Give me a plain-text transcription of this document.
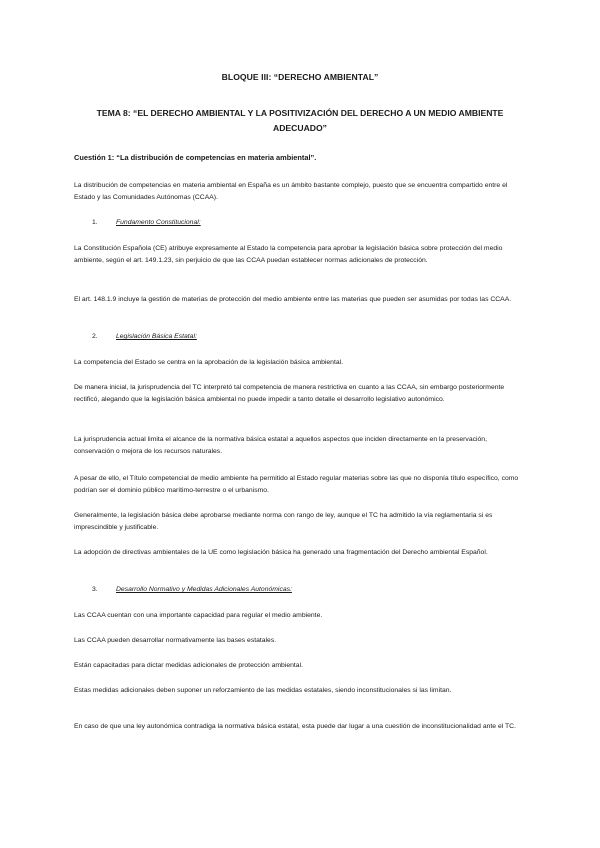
BLOQUE III: “DERECHO AMBIENTAL”
TEMA 8: “EL DERECHO AMBIENTAL Y LA POSITIVIZACIÓN DEL DERECHO A UN MEDIO AMBIENTE ADECUADO”

Cuestión 1: “La distribución de competencias en materia ambiental”.

La distribución de competencias en materia ambiental en España es un ámbito bastante complejo, puesto que se encuentra compartido entre el Estado y las Comunidades Autónomas (CCAA).

1.	Fundamento Constitucional:

La Constitución Española (CE) atribuye expresamente al Estado la competencia para aprobar la legislación básica sobre protección del medio ambiente, según el art. 149.1.23, sin perjuicio de que las CCAA puedan establecer normas adicionales de protección.

El art. 148.1.9 incluye la gestión de materias de protección del medio ambiente entre las materias que pueden ser asumidas por todas las CCAA.

2.	Legislación Básica Estatal:

La competencia del Estado se centra en la aprobación de la legislación básica ambiental.

De manera inicial, la jurisprudencia del TC interpretó tal competencia de manera restrictiva en cuanto a las CCAA, sin embargo posteriormente rectificó, alegando que la legislación básica ambiental no puede impedir a tanto detalle el desarrollo legislativo autonómico.

La jurisprudencia actual limita el alcance de la normativa básica estatal a aquellos aspectos que inciden directamente en la preservación, conservación o mejora de los recursos naturales.

A pesar de ello, el Título competencial de medio ambiente ha permitido al Estado regular materias sobre las que no disponía título específico, como podrían ser el dominio público marítimo-terrestre o el urbanismo.

Generalmente, la legislación básica debe aprobarse mediante norma con rango de ley, aunque el TC ha admitido la vía reglamentaria si es imprescindible y justificable.

La adopción de directivas ambientales de la UE como legislación básica ha generado una fragmentación del Derecho ambiental Español.

3.	Desarrollo Normativo y Medidas Adicionales Autonómicas:

Las CCAA cuentan con una importante capacidad para regular el medio ambiente.

Las CCAA pueden desarrollar normativamente las bases estatales.

Están capacitadas para dictar medidas adicionales de protección ambiental.

Estas medidas adicionales deben suponer un reforzamiento de las medidas estatales, siendo inconstitucionales si las limitan.

En caso de que una ley autonómica contradiga la normativa básica estatal, esta puede dar lugar a una cuestión de inconstitucionalidad ante el TC.
